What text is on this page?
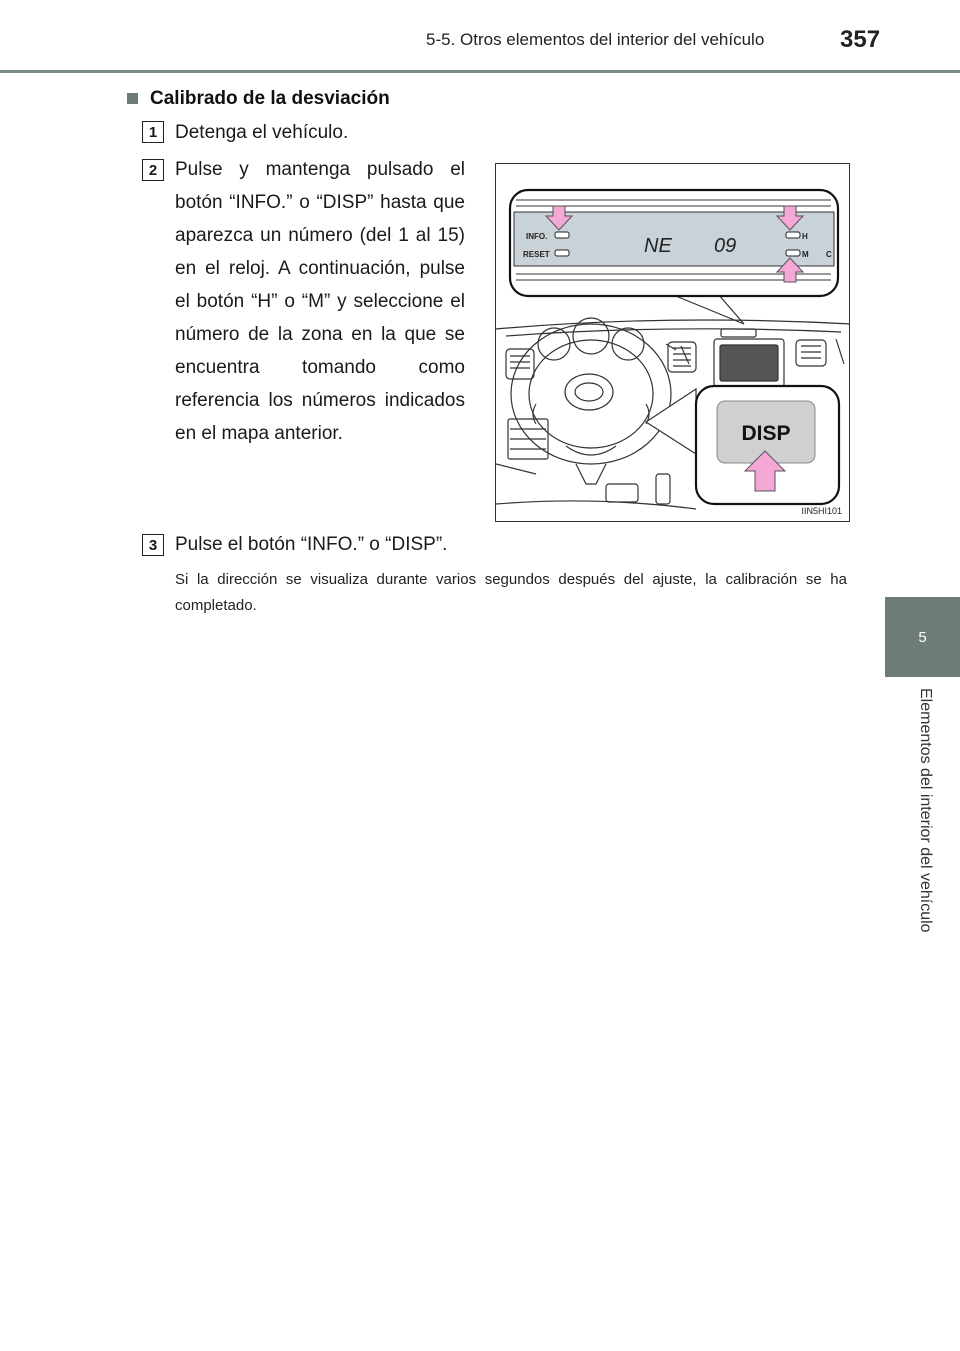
5-5. Otros elementos del interior del vehículo	357
5
Elementos del interior del vehículo
Calibrado de la desviación
1 Detenga el vehículo.
2 Pulse y mantenga pulsado el botón “INFO.” o “DISP” hasta que aparezca un número (del 1 al 15) en el reloj. A continuación, pulse el botón “H” o “M” y seleccione el número de la zona en la que se encuentra tomando como referencia los números indicados en el mapa anterior.
3 Pulse el botón “INFO.” o “DISP”.
Si la dirección se visualiza durante varios segundos después del ajuste, la calibración se ha completado.
INFO.
RESET	NE 09	H
M C
DISP
IIN5HI101
